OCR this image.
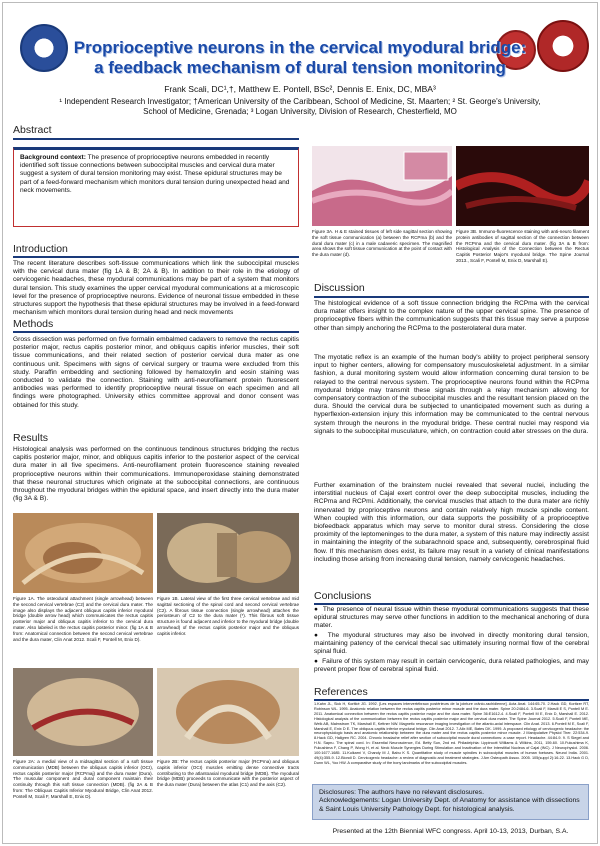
Proprioceptive neurons in the cervical myodural bridge:
a feedback mechanism of dural tension monitoring
Frank Scali, DC¹,†, Matthew E. Pontell, BSc², Dennis E. Enix, DC, MBA³
¹ Independent Research Investigator; †American University of the Caribbean, School of Medicine, St. Maarten; ² St. George's University,
School of Medicine, Grenada; ³ Logan University, Division of Research, Chesterfield, MO
Abstract
Background context: The presence of proprioceptive neurons embedded in recently identified soft tissue connections between suboccipital muscles and cervical dura mater suggest a system of dural tension monitoring may exist. These epidural structures may be part of a feed-forward mechanism which monitors dural tension during unexpected head and neck movements.
Introduction
The recent literature describes soft-tissue communications which link the suboccipital muscles with the cervical dura mater (fig 1A & B; 2A & B). In addition to their role in the etiology of cervicogenic headaches, these myodural communications may be part of a system that monitors dural tension. This study examines the upper cervical myodural communications at a microscopic level for the presence of proprioceptive neurons. Evidence of neuronal tissue embedded in these structures support the hypothesis that these epidural structures may be involved in a feed-forward mechanism which monitors dural tension during head and neck movements
Methods
Gross dissection was performed on five formalin embalmed cadavers to remove the rectus capitis posterior major, rectus capitis posterior minor, and obliquus capitis inferior muscles, their soft tissue communications, and their related section of posterior cervical dura mater as one continuous unit. Specimens with signs of cervical surgery or trauma were excluded from this study. Paraffin embedding and sectioning followed by hematoxylin and eosin staining was conducted to validate the connection. Staining with anti-neurofilament protein fluorescent antibodies was performed to identify proprioceptive neural tissue on each specimen and all findings were photographed. University ethics committee approval and donor consent was obtained for this study.
Results
Histological analysis was performed on the continuous tendinous structures bridging the rectus capitis posterior major, minor, and obliquus capitis inferior to the posterior aspect of the cervical dura mater in all five specimens. Anti-neurofilament protein fluorescence staining revealed proprioceptive neurons within their communications. Immunoperoxidase staining demonstrated that these neuronal structures which originate at the suboccipital connections, are continuous throughout the myodural bridges within the epidural space, and insert directly into the dura mater (fig 3A & B).
Figure 1A. The osteodural attachment (single arrowhead) between the second cervical vertebrae (C2) and the cervical dura mater. The image also displays the adjacent obliquus capitis inferior myodural bridge (double arrow head) which communicates the rectus capitis posterior major and obliquus capitis inferior to the cervical dura mater. Also labeled is the rectus capitis posterior minor. (fig 1A & B from: Anatomical connection between the second cervical vertebrae and the dura mater, Clin Anat 2012. Scali F, Pontell M, Enix D).
Figure 1B. Lateral view of the first three cervical vertebrae and mid sagittal sectioning of the spinal cord and second cervical vertebrae (C2). A fibrous tissue connection (single arrowhead) attaches the periosteum of C2 to the dura mater (*). This fibrous soft tissue structure is found adjacent and inferior to the myodural bridge (double arrowhead) of the rectus capitis posterior major and the obliquus capitis inferior.
Figure 2A: a medial view of a midsagittal section of a soft tissue communication (MDB) between the obliquus capitis inferior (OCI), rectus capitis posterior major (RCPmaj) and the dura mater (Dura). The muscular component and dural component maintain their continuity through this soft tissue connection (MDB). (fig 2A & B from: The Obliquus Capitis Inferior Myodural Bridge, Clin Anat 2012. Pontell M, Scali F, Marshall E, Enix D).
Figure 2B: The rectus capitis posterior major (RCPma) and obliquus capitis inferior (OCI) muscles emitting dense connective tracts contributing to the atlantoaxial myodural bridge (MDB). The myodural bridge (MDB) proceeds to communicate with the posterior aspect of the dura mater (Dura) between the atlas (C1) and the axis (C2).
Figure 3A. H & E stained tissues of left side sagittal section showing the soft tissue communication (a) between the RCPma (b) and the dural dura mater (c) in a male cadaveric specimen. The magnified area shows the soft tissue communication at the point of contact with the dura mater (d).
Figure 3B. Immuno-fluorescence staining with anti-neuro filament protein antibodies of sagittal section of the connection between the RCPma and the cervical dura mater. (fig 3A & B from: Histological Analysis of the Connection between the Rectus Capitis Posterior Major's myodural bridge. The Spine Journal 2013., Scali F, Pontell M, Enix D, Marshall E).
Discussion
The histological evidence of a soft tissue connection bridging the RCPma with the cervical dura mater offers insight to the complex nature of the upper cervical spine. The presence of proprioceptive fibers within the communication suggests that this tissue may serve a purpose other than simply anchoring the RCPma to the posterolateral dura mater.
The myotatic reflex is an example of the human body's ability to project peripheral sensory input to higher centers, allowing for compensatory musculoskeletal adjustment. In a similar fashion, a dural monitoring system would allow information concerning dural tension to be relayed to the central nervous system. The proprioceptive neurons found within the RCPma myodural bridge may transmit these signals through a relay mechanism allowing for compensatory contraction of the suboccipital muscles and the resultant tension placed on the dura. Should the cervical dura be subjected to unanticipated movement such as during a hyperflexion-extension injury this information may be communicated to the central nervous system through the neurons in the myodural bridge. These central nuclei may respond via signals to the suboccipital musculature, which, on contraction could alter stresses on the dura.
Further examination of the brainstem nuclei revealed that several nuclei, including the interstitial nucleus of Cajal exert control over the deep suboccipital muscles, including the RCPma and RCPmi. Additionally, the cervical muscles that attach to the dura mater are richly innervated by proprioceptive neurons and contain relatively high muscle spindle content. When coupled with this information, our data supports the possibility of a proprioceptive biofeedback apparatus which may serve to monitor dural stress. Considering the close proximity of the leptomeninges to the dura mater, a system of this nature may indirectly assist in maintaining the integrity of the subarachnoid space and, subsequently, cerebrospinal fluid flow. If this mechanism does exist, its failure may result in a variety of clinical manifestations including those arising from increasing dural tension, namely cervicogenic headaches.
Conclusions
●  The presence of neural tissue within these myodural communications suggests that these epidural structures may serve other functions in addition to the mechanical anchoring of dura mater.
●  The myodural structures may also be involved in directly monitoring dural tension, maintaining patency of the cervical thecal sac ultimately insuring normal flow of the cerebral spinal fluid.
●  Failure of this system may result in certain cervicogenic, dura related pathologies, and may prevent proper flow of cerebral spinal fluid.
References
1.Kahn JL, Sick H, Koritké JG. 1992. [Les espaces intervertébraux postérieurs de la jointure crânio-rachidienne]. Acta Anat. 144:65-70. 2.Hack GD, Koritzer RT, Robinson WL. 1995. Anatomic relation between the rectus capitis posterior minor muscle and the dura mater. Spine 20:2484-6. 3.Scali F, Marsili E S, Pontell M E. 2011. Anatomical connection between the rectus capitis posterior major and the dura mater. Spine 36:E1612-4. 4.Scali F, Pontell M E, Enix D, Marshall E. 2012. Histological analysis of the communication between the rectus capitis posterior major and the cervical dura mater. The Spine Journal 2012. 5.Scali F, Pontell ME, Welk AB, Malmstrom TK, Marshall E, Kettner NW. Magnetic resonance imaging investigation of the atlanto-axial interspace. Clin Anat. 2013. 6.Pontell M E, Scali F, Marshall E, Enix D E. The obliquus capitis inferior myodural bridge. Clin Anat 2012. 7.Alix ME, Bates DK. 1999. A proposed etiology of cervicogenic headache: the neurophysiologic basis and anatomic relationship between the dura mater and the rectus capitis posterior minor muscle. J Manipulative Physiol Ther. 22:534-9. 8.Hack GD, Hallgren RC. 2004. Chronic headache relief after section of suboccipital muscle dural connections: a case report. Headache. 44:84-9. 9. S Siegel and H.N. Sapru. The spinal cord. In: Essential Neuroscience, Ed. Betty Sun, 2nd ed. Philadelphia: Lippincott Williams & Wilkins, 2011, 159-60. 10.Fukushima K, Fukushima F, Chang P, Wong H, et al. Neck Muscle Synergies During Stimulation and Inactivation of the Interstitial Nucleus of Cajal (INC). J Neurophysiol. 2006. 100:1677-1685. 11.Kulkarni V, Chandy M J, Babu K S. Quantitative study of muscle spindles in suboccipital muscles of human foetuses. Neurol India. 2001. 49(4):355-9. 12.Biondi D. Cervicogenic headache: a review of diagnostic and treatment strategies. J Am Osteopath Assoc. 2005. 105(suppl 2):16-22. 13.Hack G D, Dunn WL, Yoo HW. A comparative study of the bony landmarks of the suboccipital muscles.
Disclosures: The authors have no relevant disclosures.
Acknowledgements: Logan University Dept. of Anatomy for assistance with dissections & Saint Louis University Pathology Dept. for histological analysis.
Presented at the 12th Biennial WFC congress. April 10-13, 2013, Durban, S.A.
